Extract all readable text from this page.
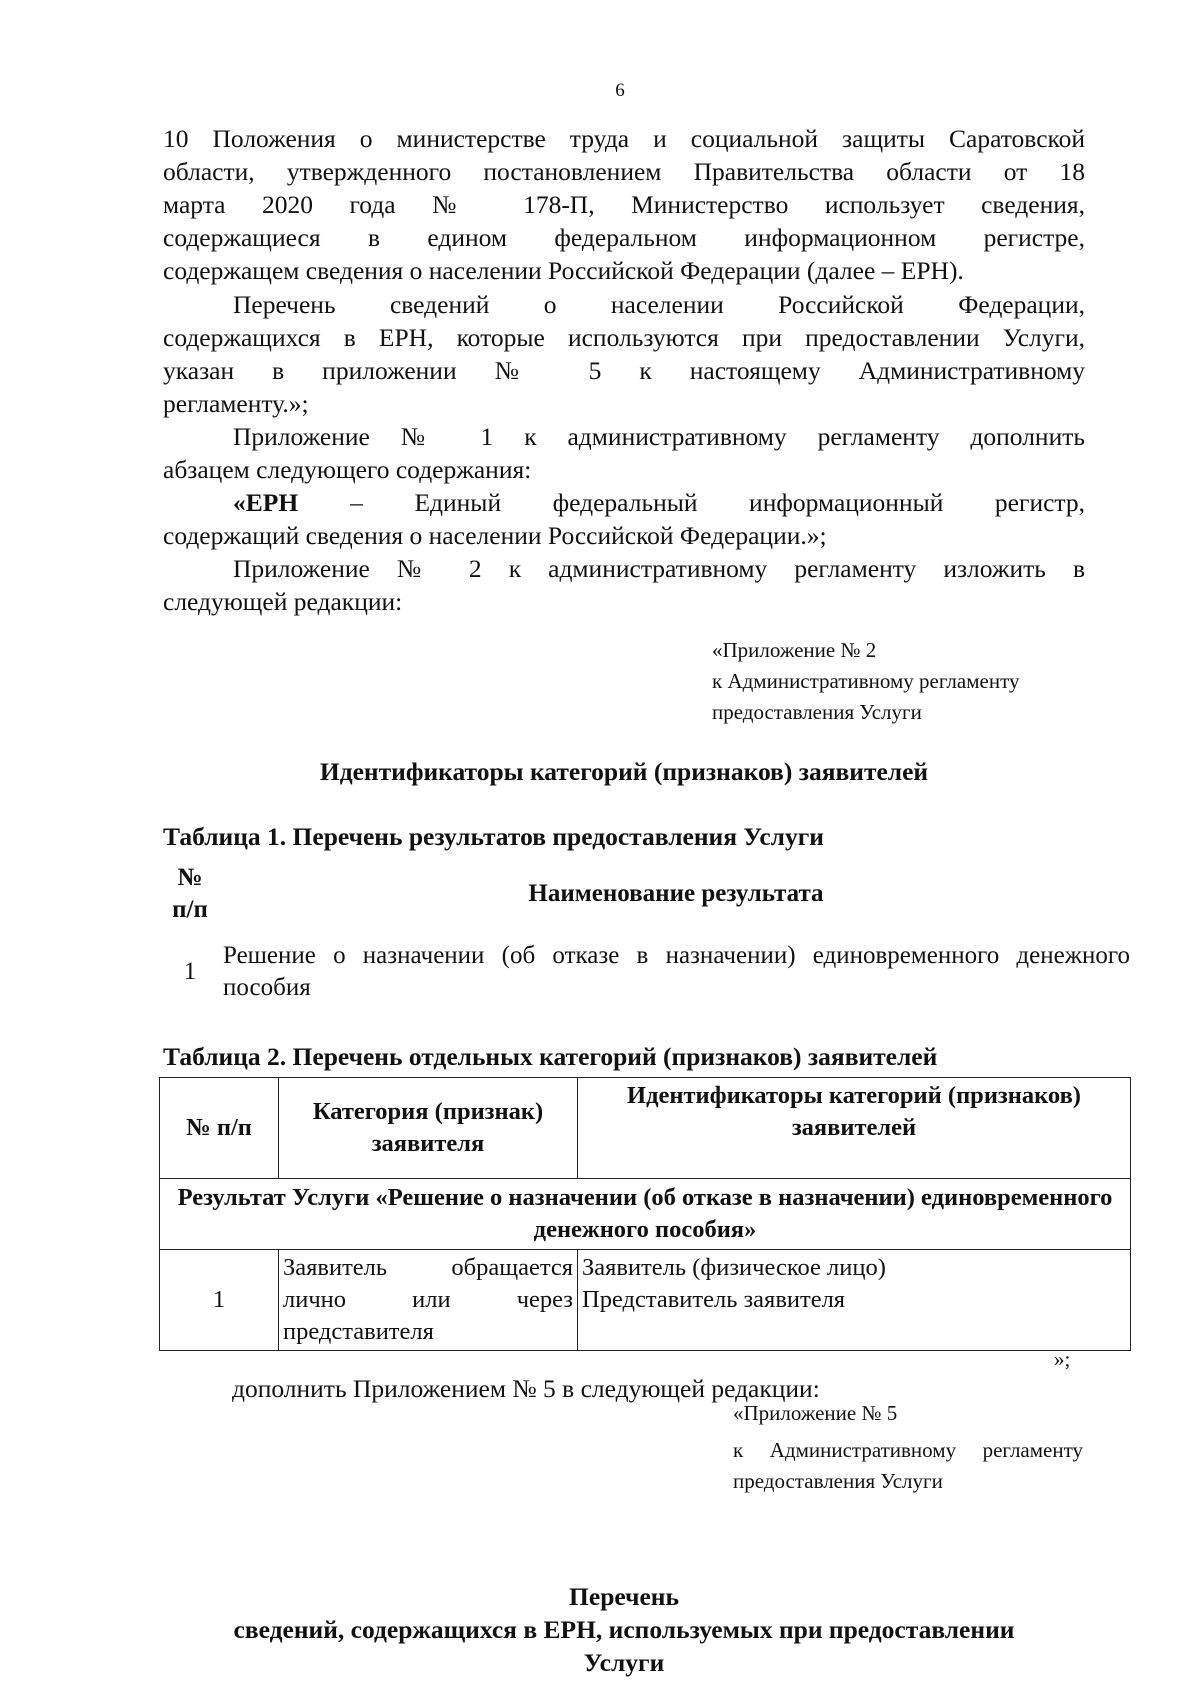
6
10 Положения о министерстве труда и социальной защиты Саратовской
области, утвержденного постановлением Правительства области от 18
марта 2020 года № 178-П, Министерство использует сведения,
содержащиеся в едином федеральном информационном регистре,
содержащем сведения о населении Российской Федерации (далее – ЕРН).
Перечень сведений о населении Российской Федерации,
содержащихся в ЕРН, которые используются при предоставлении Услуги,
указан в приложении № 5 к настоящему Административному
регламенту.»;
Приложение № 1 к административному регламенту дополнить
абзацем следующего содержания:
«ЕРН – Единый федеральный информационный регистр,
содержащий сведения о населении Российской Федерации.»;
Приложение № 2 к административному регламенту изложить в
следующей редакции:
«Приложение № 2
к Административному регламенту
предоставления Услуги
Идентификаторы категорий (признаков) заявителей
Таблица 1. Перечень результатов предоставления Услуги
№
п/п	Наименование результата
1	Решение о назначении (об отказе в назначении) единовременного денежного пособия
Таблица 2. Перечень отдельных категорий (признаков) заявителей
№ п/п	Категория (признак) заявителя	Идентификаторы категорий (признаков) заявителей
Результат Услуги «Решение о назначении (об отказе в назначении) единовременного денежного пособия»		
1	Заявитель обращается лично или через представителя	Заявитель (физическое лицо)
Представитель заявителя
»;
дополнить Приложением № 5 в следующей редакции:
«Приложение № 5
к Административному регламенту предоставления Услуги
Перечень
сведений, содержащихся в ЕРН, используемых при предоставлении
Услуги
